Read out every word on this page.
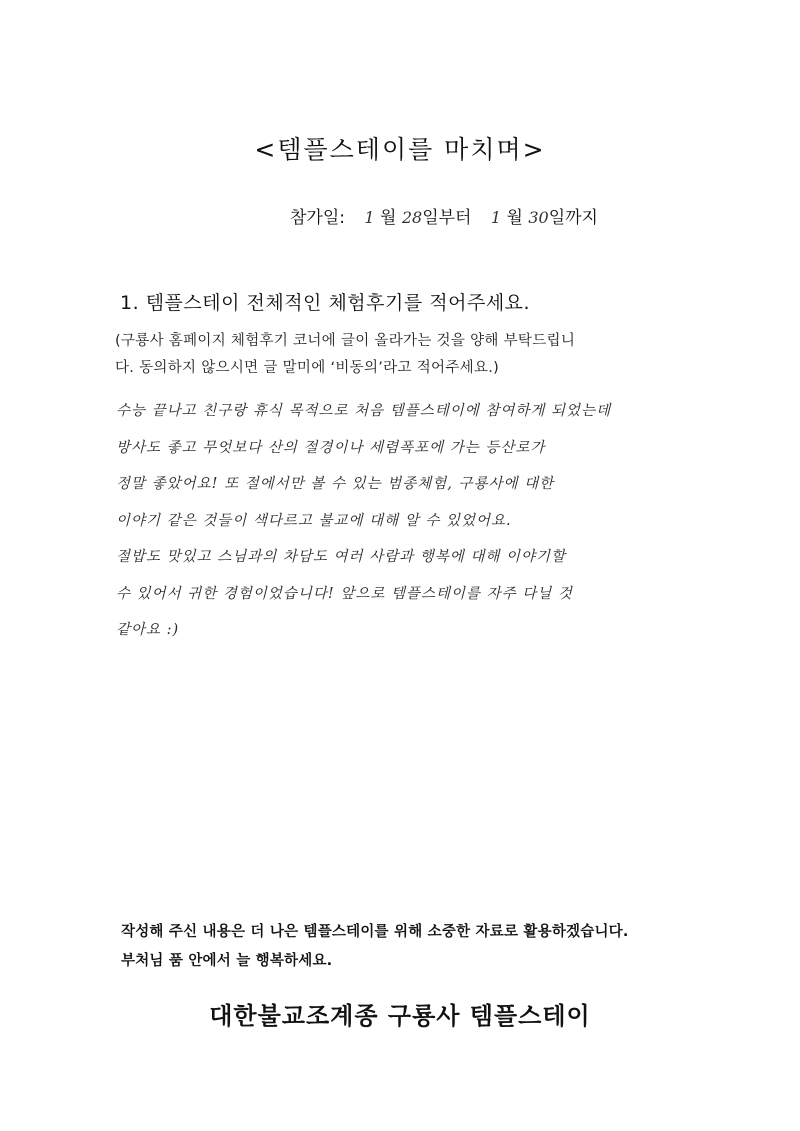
<템플스테이를 마치며>
참가일: 1 월 28일부터 1 월 30일까지
1. 템플스테이 전체적인 체험후기를 적어주세요.
(구룡사 홈페이지 체험후기 코너에 글이 올라가는 것을 양해 부탁드립니
다. 동의하지 않으시면 글 말미에 ‘비동의’라고 적어주세요.)
수능 끝나고 친구랑 휴식 목적으로 처음 템플스테이에 참여하게 되었는데
방사도 좋고 무엇보다 산의 절경이나 세렴폭포에 가는 등산로가
정말 좋았어요! 또 절에서만 볼 수 있는 범종체험, 구룡사에 대한
이야기 같은 것들이 색다르고 불교에 대해 알 수 있었어요.
절밥도 맛있고 스님과의 차담도 여러 사람과 행복에 대해 이야기할
수 있어서 귀한 경험이었습니다! 앞으로 템플스테이를 자주 다닐 것
같아요 :)
작성해 주신 내용은 더 나은 템플스테이를 위해 소중한 자료로 활용하겠습니다.
부처님 품 안에서 늘 행복하세요.
대한불교조계종 구룡사 템플스테이
